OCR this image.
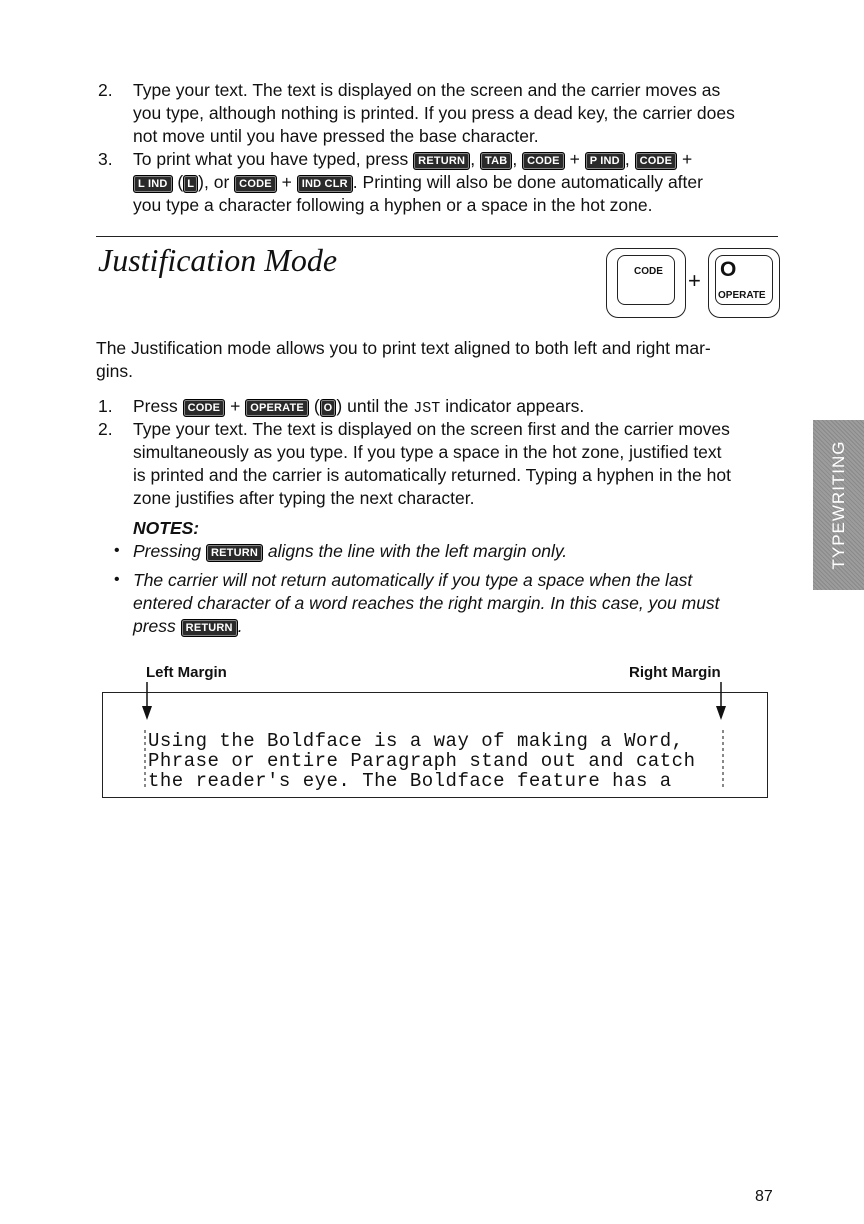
2. Type your text. The text is displayed on the screen and the carrier moves as
you type, although nothing is printed. If you press a dead key, the carrier does
not move until you have pressed the base character.
3. To print what you have typed, press RETURN , TAB , CODE + P IND , CODE +
L IND ( L ), or CODE + IND CLR . Printing will also be done automatically after
you type a character following a hyphen or a space in the hot zone.
Justification Mode	CODE + O
OPERATE
The Justification mode allows you to print text aligned to both left and right mar-
gins.
1. Press CODE + OPERATE ( O ) until the JST indicator appears.
2. Type your text. The text is displayed on the screen first and the carrier moves
simultaneously as you type. If you type a space in the hot zone, justified text
is printed and the carrier is automatically returned. Typing a hyphen in the hot
zone justifies after typing the next character.
NOTES:
• Pressing RETURN aligns the line with the left margin only.
• The carrier will not return automatically if you type a space when the last
entered character of a word reaches the right margin. In this case, you must
press RETURN .
Left Margin	Right Margin
Using the Boldface is a way of making a Word,
Phrase or entire Paragraph stand out and catch
the reader's eye. The Boldface feature has a
TYPEWRITING
87
